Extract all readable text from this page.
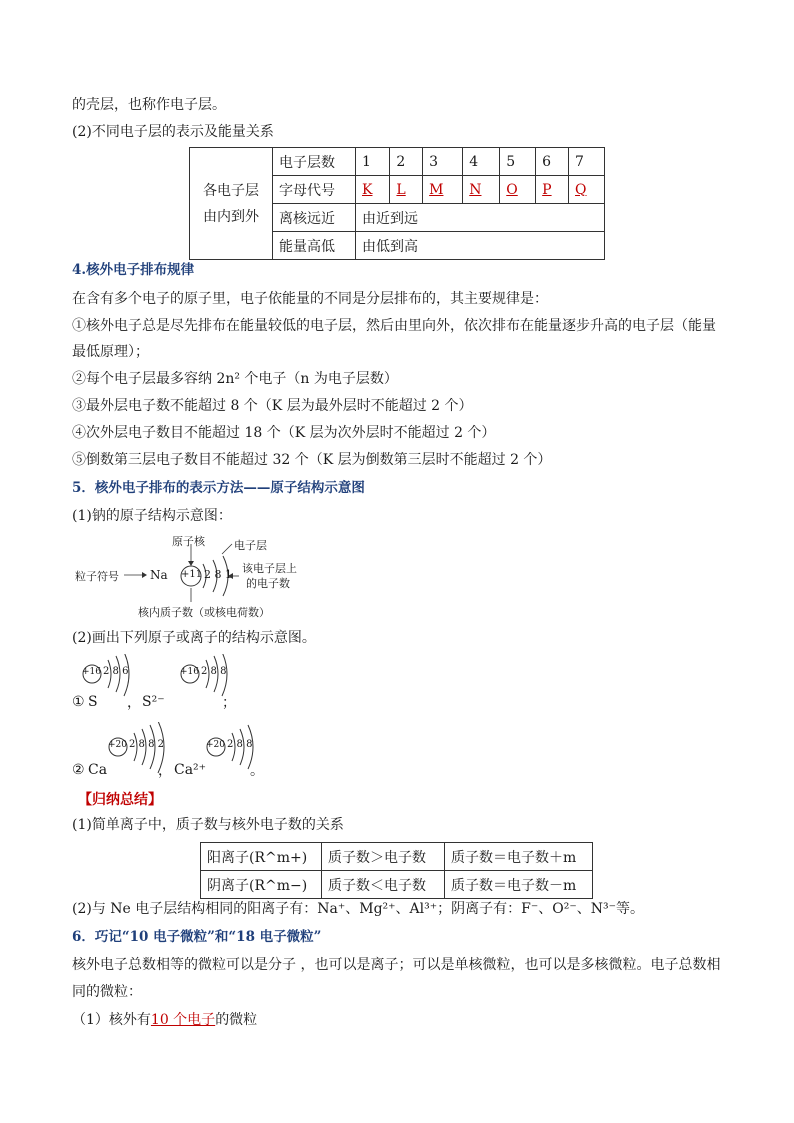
的壳层，也称作电子层。
(2)不同电子层的表示及能量关系
各电子层
由内到外	电子层数	1	2	3	4	5	6	7
	字母代号	K	L	M	N	O	P	Q
	离核远近	由近到远						
	能量高低	由低到高						
4.核外电子排布规律
在含有多个电子的原子里，电子依能量的不同是分层排布的，其主要规律是：
①核外电子总是尽先排布在能量较低的电子层，然后由里向外，依次排布在能量逐步升高的电子层（能量
最低原理）；
②每个电子层最多容纳 2n² 个电子（n 为电子层数）
③最外层电子数不能超过 8 个（K 层为最外层时不能超过 2 个）
④次外层电子数目不能超过 18 个（K 层为次外层时不能超过 2 个）
⑤倒数第三层电子数目不能超过 32 个（K 层为倒数第三层时不能超过 2 个）
5．核外电子排布的表示方法——原子结构示意图
(1)钠的原子结构示意图：
原子核	电子层
粒子符号	Na +11 2 8 1 该电子层上
的电子数
核内质子数（或核电荷数）
(2)画出下列原子或离子的结构示意图。
+16 2 8 6
① S ，
+16 2 8 8
S²⁻	；
+20 2 8 8 2
② Ca	，
+20 2 8 8
Ca²⁺	。
【归纳总结】
(1)简单离子中，质子数与核外电子数的关系
阳离子(R^m+)	质子数＞电子数	质子数＝电子数＋m
阴离子(R^m−)	质子数＜电子数	质子数＝电子数－m
(2)与 Ne 电子层结构相同的阳离子有：Na⁺、Mg²⁺、Al³⁺；阴离子有：F⁻、O²⁻、N³⁻等。
6．巧记“10 电子微粒”和“18 电子微粒”
核外电子总数相等的微粒可以是分子 ，也可以是离子；可以是单核微粒，也可以是多核微粒。电子总数相
同的微粒：
（1）核外有10 个电子的微粒
